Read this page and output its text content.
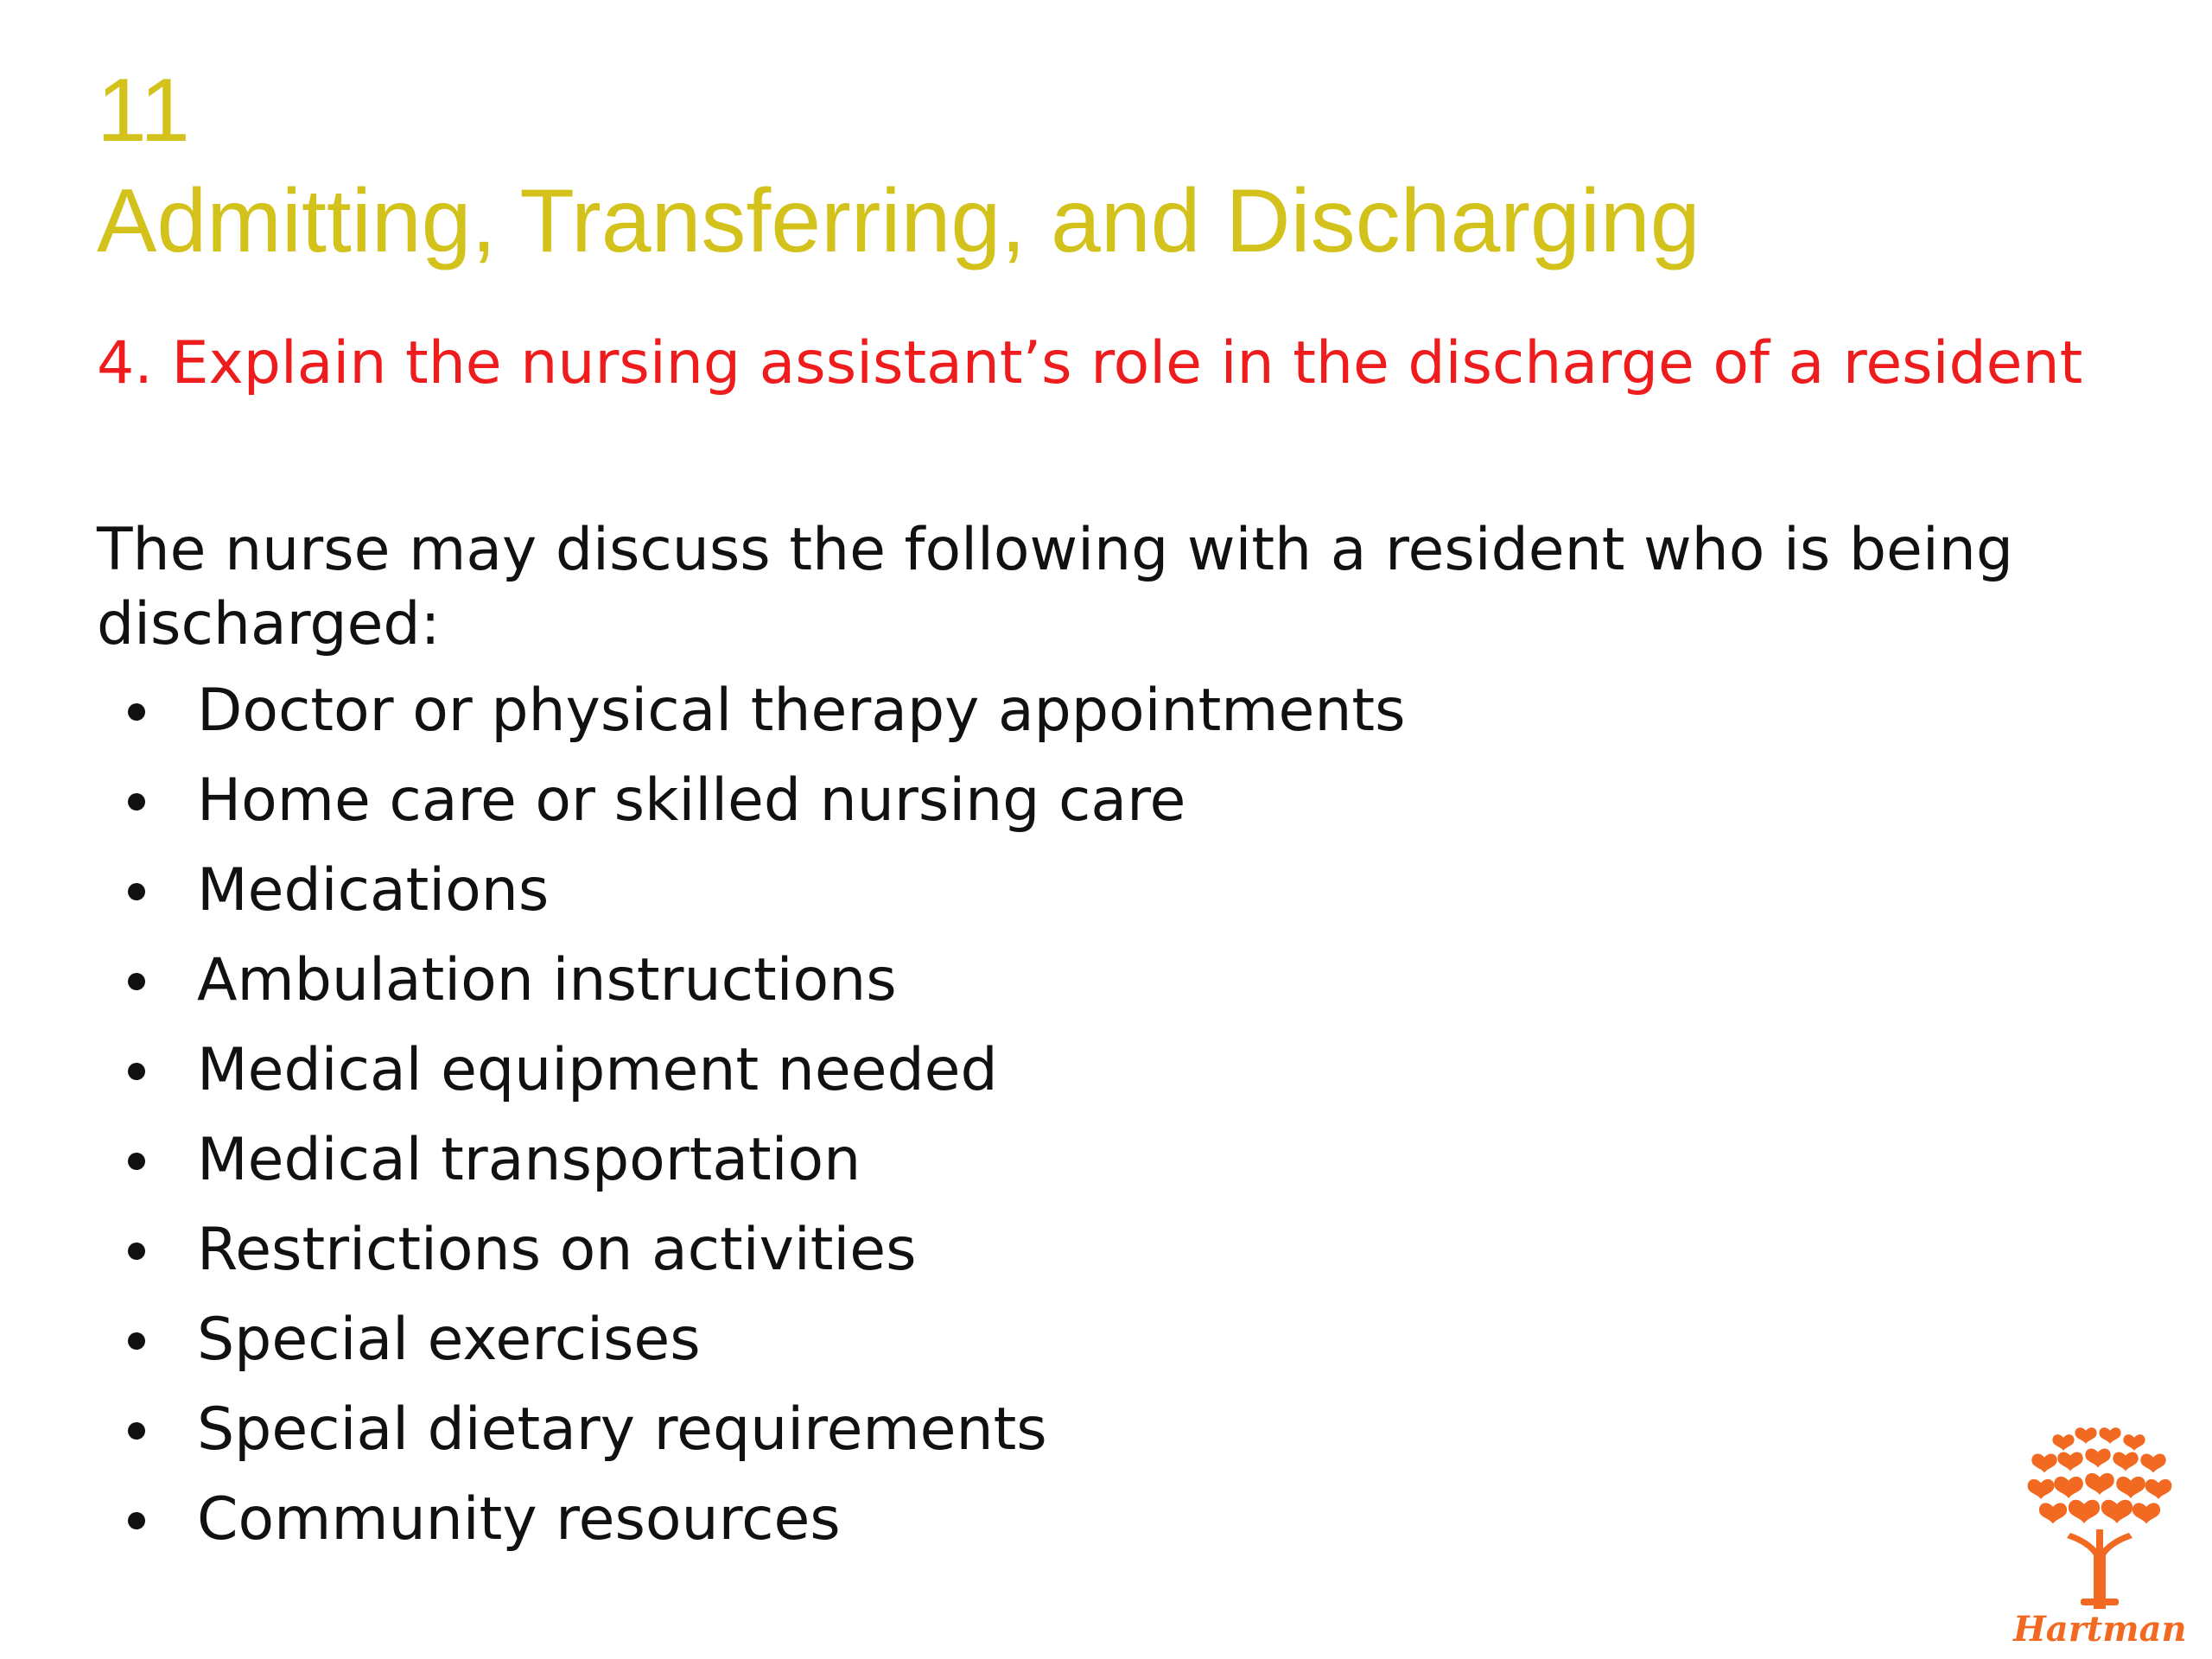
11
Admitting, Transferring, and Discharging
4. Explain the nursing assistant’s role in the discharge of a resident
The nurse may discuss the following with a resident who is being discharged:
Doctor or physical therapy appointments
Home care or skilled nursing care
Medications
Ambulation instructions
Medical equipment needed
Medical transportation
Restrictions on activities
Special exercises
Special dietary requirements
Community resources
Hartman
